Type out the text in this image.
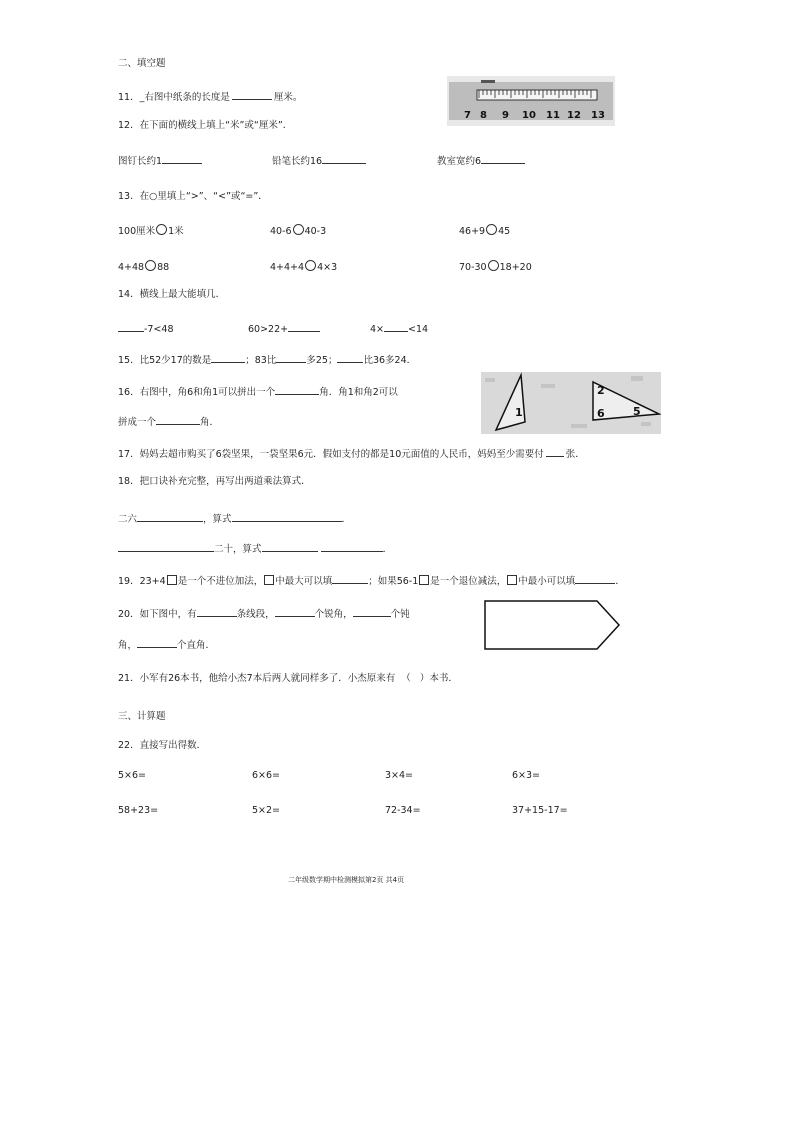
二、填空题
11．_右图中纸条的长度是	厘米。
7 8 9 10 11 12 13
12．在下面的横线上填上“米”或“厘米”．
图钉长约1	铅笔长约16	教室宽约6
13．在○里填上“>”、“<”或“=”．
100厘米 1米	40-6 40-3	46+9 45
4+48 88	4+4+4 4×3	70-30 18+20
14．横线上最大能填几．
-7<48	60>22+	4×	<14
15．比52少17的数是	；83比	多25；	比36多24．
16．右图中，角6和角1可以拼出一个	角．角1和角2可以
拼成一个	角．
1
2
6	5
17．妈妈去超市购买了6袋坚果，一袋坚果6元．假如支付的都是10元面值的人民币，妈妈至少需要付 张．
18．把口诀补充完整，再写出两道乘法算式．
二六	，算式	．
二十，算式	．
19．23+4 是一个不进位加法， 中最大可以填	；如果56-1 是一个退位减法， 中最小可以填	．
20．如下图中，有	条线段，	个锐角，	个钝
角，	个直角．
21．小军有26本书，他给小杰7本后两人就同样多了．小杰原来有  （   ）本书．
三、计算题
22．直接写出得数．
5×6=	6×6=	3×4=	6×3=
58+23=	5×2=	72-34=	37+15-17=
二年级数学期中检测模拟第2页 共4页
